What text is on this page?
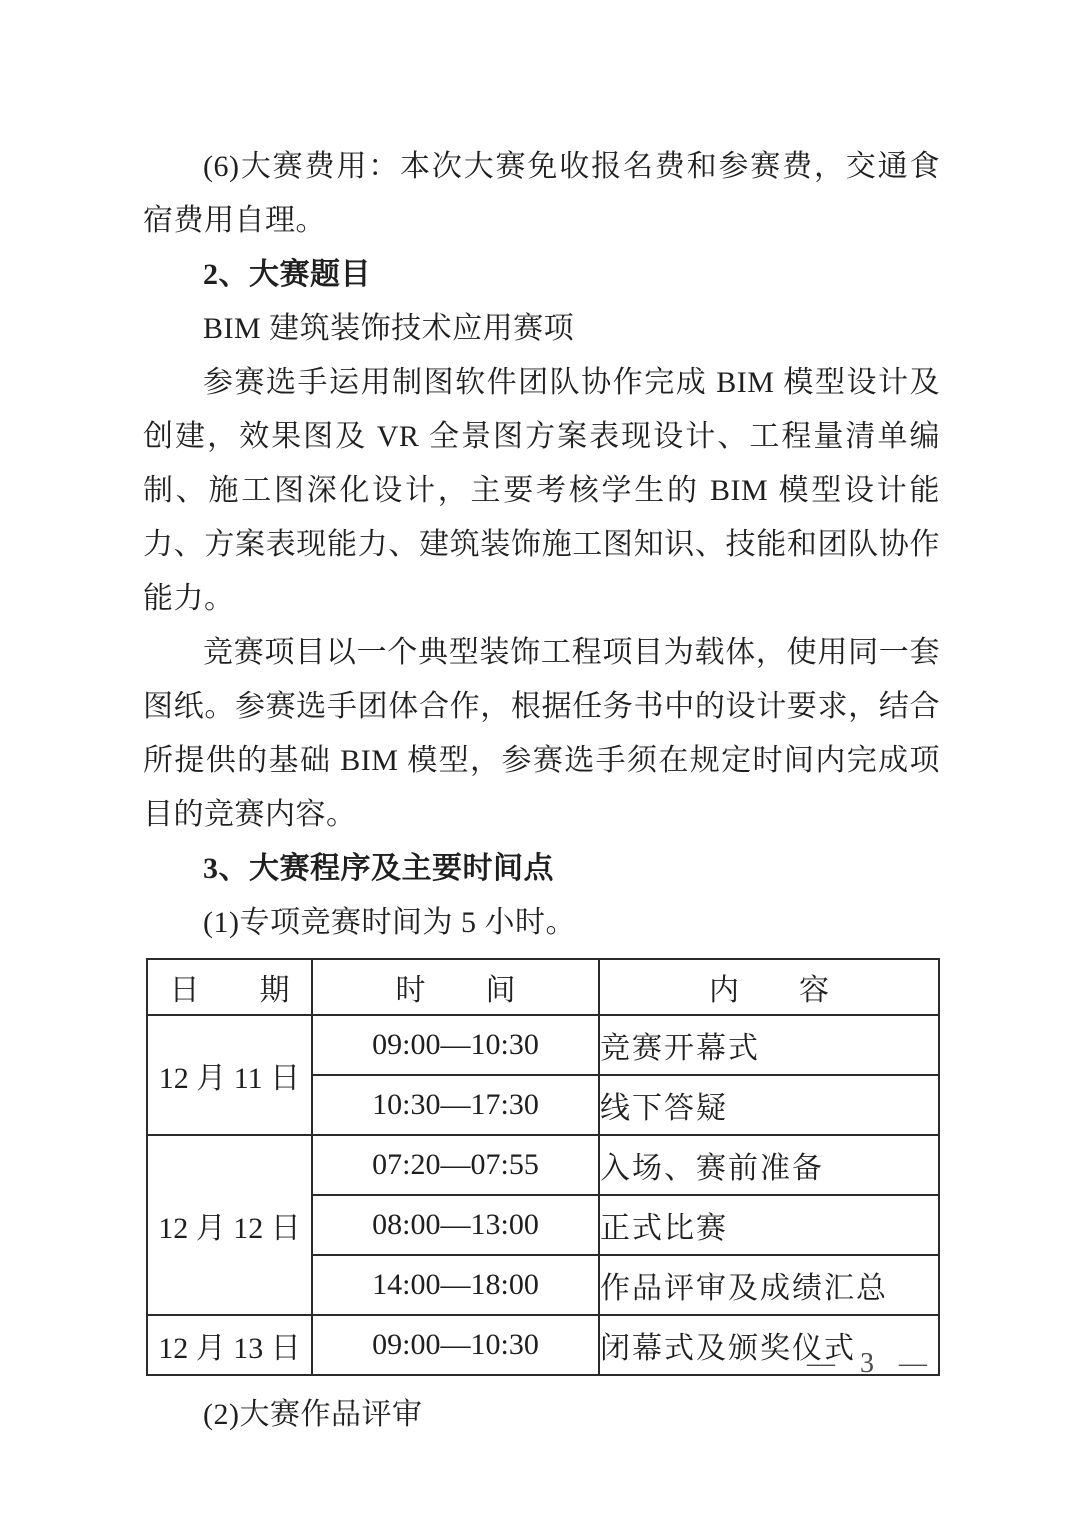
(6)大赛费用：本次大赛免收报名费和参赛费，交通食宿费用自理。

2、大赛题目

BIM 建筑装饰技术应用赛项

参赛选手运用制图软件团队协作完成 BIM 模型设计及创建，效果图及 VR 全景图方案表现设计、工程量清单编制、施工图深化设计，主要考核学生的 BIM 模型设计能力、方案表现能力、建筑装饰施工图知识、技能和团队协作能力。

竞赛项目以一个典型装饰工程项目为载体，使用同一套图纸。参赛选手团体合作，根据任务书中的设计要求，结合所提供的基础 BIM 模型，参赛选手须在规定时间内完成项目的竞赛内容。

3、大赛程序及主要时间点

(1)专项竞赛时间为 5 小时。

日　　期	时　　间	内　　容
12 月 11 日	09:00—10:30	竞赛开幕式
	10:30—17:30	线下答疑
12 月 12 日	07:20—07:55	入场、赛前准备
	08:00—13:00	正式比赛
	14:00—18:00	作品评审及成绩汇总
12 月 13 日	09:00—10:30	闭幕式及颁奖仪式

(2)大赛作品评审

— 3 —
